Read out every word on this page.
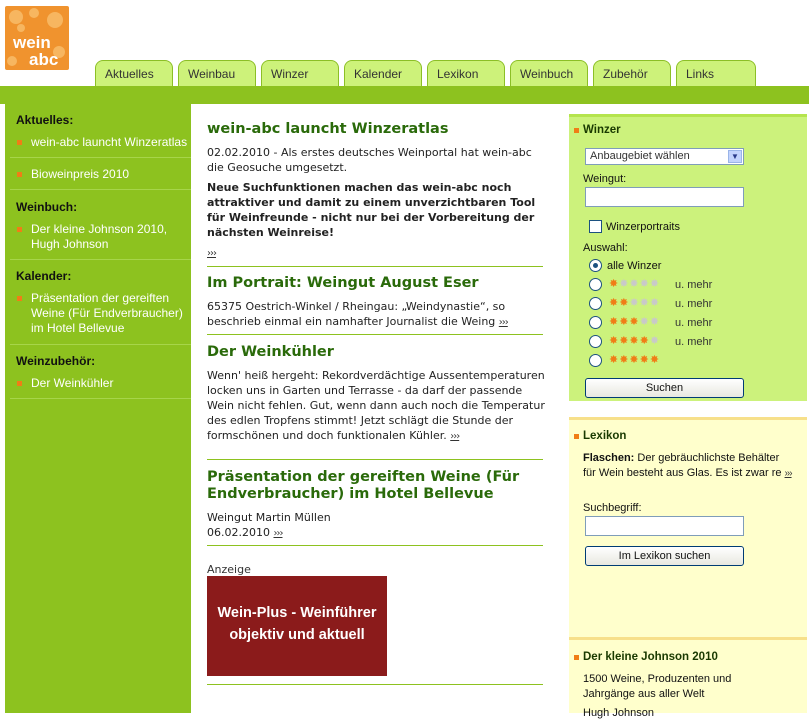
wein
abc
Aktuelles	Weinbau	Winzer	Kalender	Lexikon	Weinbuch	Zubehör	Links
Aktuelles:
wein-abc launcht Winzeratlas
Bioweinpreis 2010
Weinbuch:
Der kleine Johnson 2010, Hugh Johnson
Kalender:
Präsentation der gereiften Weine (Für Endverbraucher) im Hotel Bellevue
Weinzubehör:
Der Weinkühler
wein-abc launcht Winzeratlas
02.02.2010 - Als erstes deutsches Weinportal hat wein-abc die Geosuche umgesetzt.
Neue Suchfunktionen machen das wein-abc noch attraktiver und damit zu einem unverzichtbaren Tool für Weinfreunde - nicht nur bei der Vorbereitung der nächsten Weinreise!
›››
Im Portrait: Weingut August Eser
65375 Oestrich-Winkel / Rheingau: „Weindynastie“, so beschrieb einmal ein namhafter Journalist die Weing ›››
Der Weinkühler
Wenn' heiß hergeht: Rekordverdächtige Aussentemperaturen locken uns in Garten und Terrasse - da darf der passende Wein nicht fehlen. Gut, wenn dann auch noch die Temperatur des edlen Tropfens stimmt! Jetzt schlägt die Stunde der formschönen und doch funktionalen Kühler. ›››
Präsentation der gereiften Weine (Für Endverbraucher) im Hotel Bellevue
Weingut Martin Müllen
06.02.2010 ›››
Anzeige
Wein-Plus - Weinführer
objektiv und aktuell
Winzer
Anbaugebiet wählen	▼
Weingut:
Winzerportraits
Auswahl:
alle Winzer
✸✸✸✸✸ u. mehr
✸✸✸✸✸ u. mehr
✸✸✸✸✸ u. mehr
✸✸✸✸✸ u. mehr
✸✸✸✸✸
Suchen
Lexikon
Flaschen: Der gebräuchlichste Behälter für Wein besteht aus Glas. Es ist zwar re ›››
Suchbegriff:
Im Lexikon suchen
Der kleine Johnson 2010
1500 Weine, Produzenten und Jahrgänge aus aller Welt
Hugh Johnson
